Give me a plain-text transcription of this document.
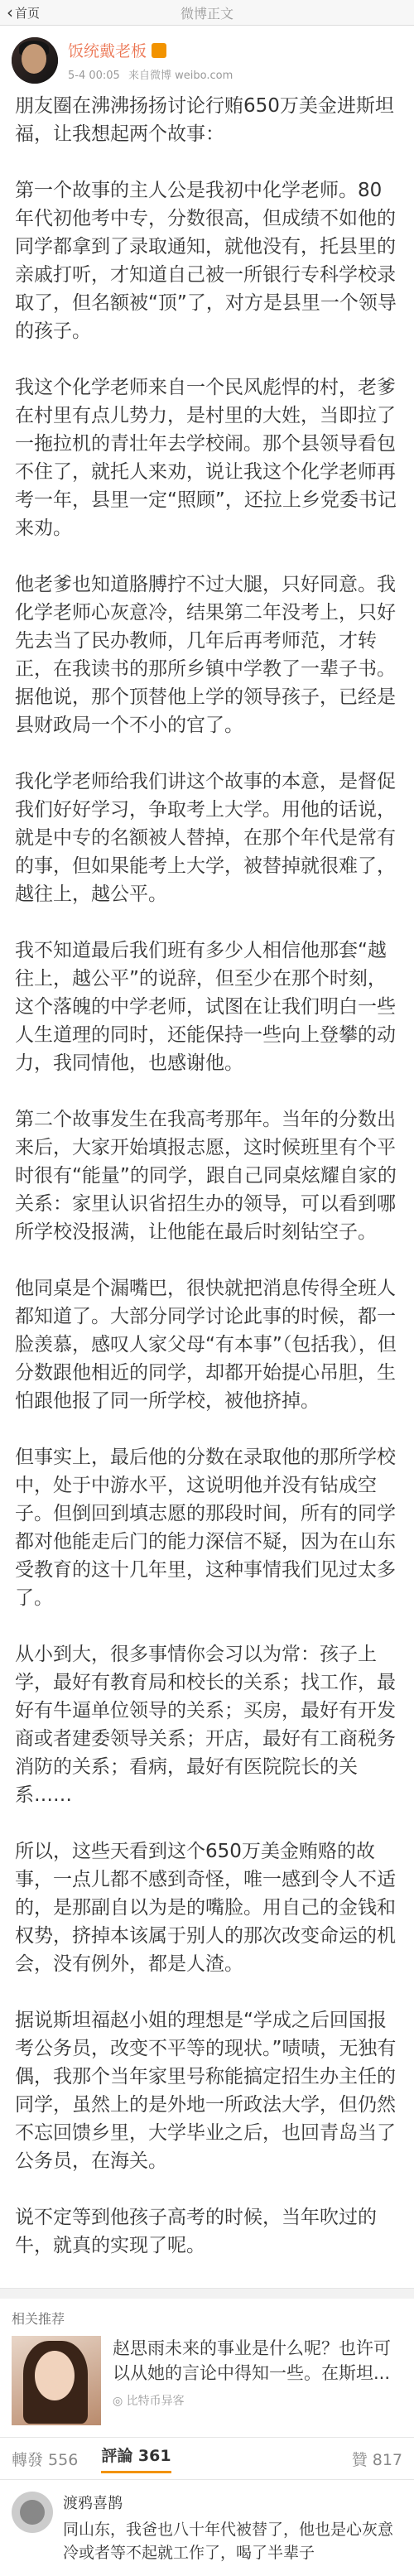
‹ 首页	微博正文
饭统戴老板
5-4 00:05 来自微博 weibo.com

朋友圈在沸沸扬扬讨论行贿650万美金进斯坦福，让我想起两个故事：

第一个故事的主人公是我初中化学老师。80年代初他考中专，分数很高，但成绩不如他的同学都拿到了录取通知，就他没有，托县里的亲戚打听，才知道自己被一所银行专科学校录取了，但名额被“顶”了，对方是县里一个领导的孩子。

我这个化学老师来自一个民风彪悍的村，老爹在村里有点儿势力，是村里的大姓，当即拉了一拖拉机的青壮年去学校闹。那个县领导看包不住了，就托人来劝，说让我这个化学老师再考一年，县里一定“照顾”，还拉上乡党委书记来劝。

他老爹也知道胳膊拧不过大腿，只好同意。我化学老师心灰意冷，结果第二年没考上，只好先去当了民办教师，几年后再考师范，才转正，在我读书的那所乡镇中学教了一辈子书。据他说，那个顶替他上学的领导孩子，已经是县财政局一个不小的官了。

我化学老师给我们讲这个故事的本意，是督促我们好好学习，争取考上大学。用他的话说，就是中专的名额被人替掉，在那个年代是常有的事，但如果能考上大学，被替掉就很难了，越往上，越公平。

我不知道最后我们班有多少人相信他那套“越往上，越公平”的说辞，但至少在那个时刻，这个落魄的中学老师，试图在让我们明白一些人生道理的同时，还能保持一些向上登攀的动力，我同情他，也感谢他。

第二个故事发生在我高考那年。当年的分数出来后，大家开始填报志愿，这时候班里有个平时很有“能量”的同学，跟自己同桌炫耀自家的关系：家里认识省招生办的领导，可以看到哪所学校没报满，让他能在最后时刻钻空子。

他同桌是个漏嘴巴，很快就把消息传得全班人都知道了。大部分同学讨论此事的时候，都一脸羡慕，感叹人家父母“有本事”（包括我），但分数跟他相近的同学，却都开始提心吊胆，生怕跟他报了同一所学校，被他挤掉。

但事实上，最后他的分数在录取他的那所学校中，处于中游水平，这说明他并没有钻成空子。但倒回到填志愿的那段时间，所有的同学都对他能走后门的能力深信不疑，因为在山东受教育的这十几年里，这种事情我们见过太多了。

从小到大，很多事情你会习以为常：孩子上学，最好有教育局和校长的关系；找工作，最好有牛逼单位领导的关系；买房，最好有开发商或者建委领导关系；开店，最好有工商税务消防的关系；看病，最好有医院院长的关系……

所以，这些天看到这个650万美金贿赂的故事，一点儿都不感到奇怪，唯一感到令人不适的，是那副自以为是的嘴脸。用自己的金钱和权势，挤掉本该属于别人的那次改变命运的机会，没有例外，都是人渣。

据说斯坦福赵小姐的理想是“学成之后回国报考公务员，改变不平等的现状。”啧啧，无独有偶，我那个当年家里号称能搞定招生办主任的同学，虽然上的是外地一所政法大学，但仍然不忘回馈乡里，大学毕业之后，也回青岛当了公务员，在海关。

说不定等到他孩子高考的时候，当年吹过的牛，就真的实现了呢。

相关推荐
赵思雨未来的事业是什么呢？也许可以从她的言论中得知一些。在斯坦...
◎ 比特币异客
轉發 556 評論 361	贊 817
渡鸦喜鹊
同山东，我爸也八十年代被替了，他也是心灰意冷或者等不起就工作了，喝了半辈子
